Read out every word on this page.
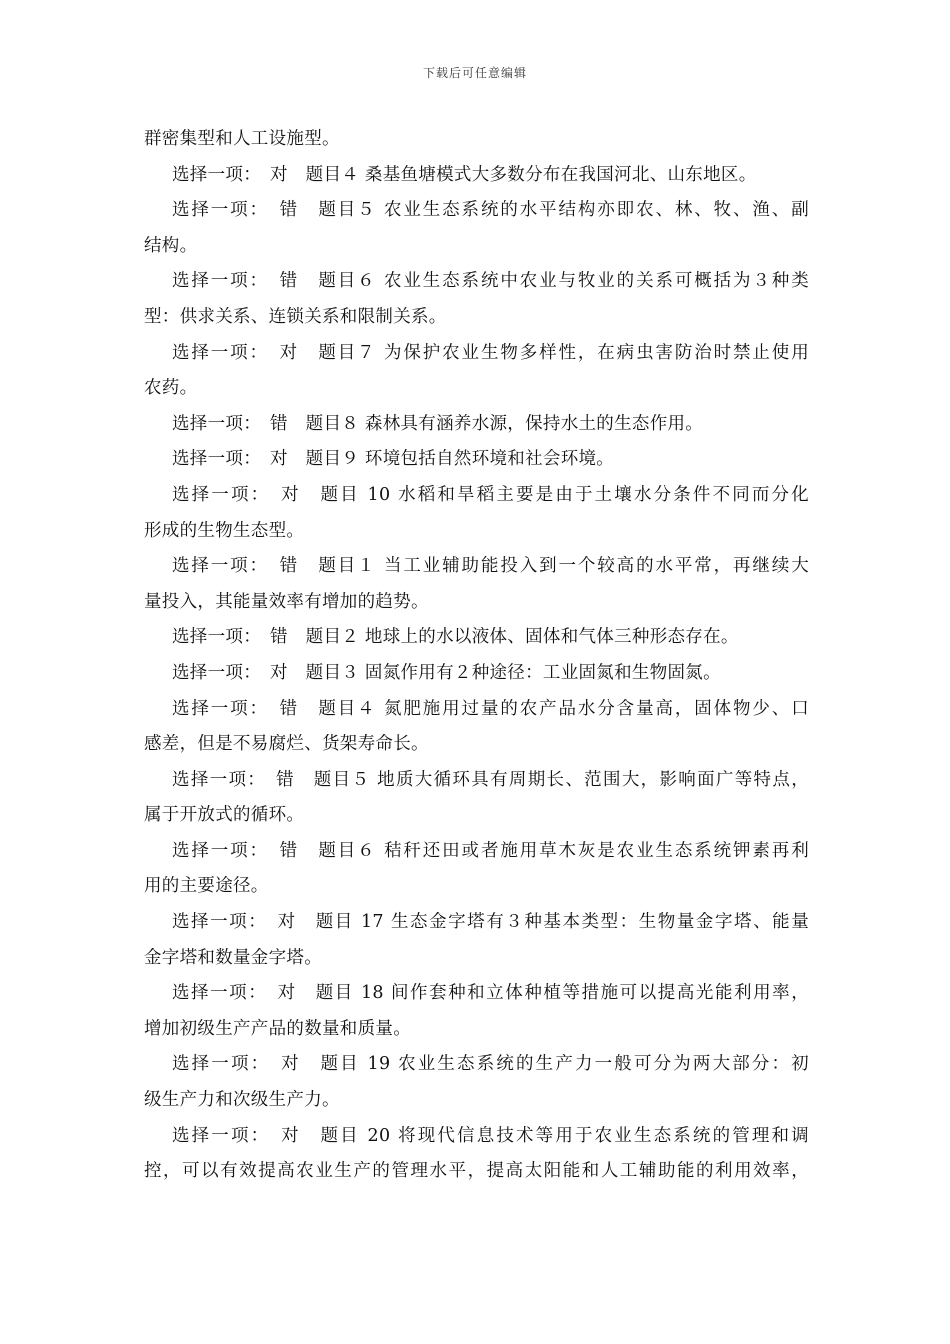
下载后可任意编辑
群密集型和人工设施型。
选择一项：　对　题目４ 桑基鱼塘模式大多数分布在我国河北、山东地区。
选择一项：　错　题目５ 农业生态系统的水平结构亦即农、林、牧、渔、副
结构。
选择一项：　错　题目６ 农业生态系统中农业与牧业的关系可概括为３种类
型：供求关系、连锁关系和限制关系。
选择一项：　对　题目７ 为保护农业生物多样性，在病虫害防治时禁止使用
农药。
选择一项：　错　题目８ 森林具有涵养水源，保持水土的生态作用。
选择一项：　对　题目９ 环境包括自然环境和社会环境。
选择一项：　对　题目 10 水稻和旱稻主要是由于土壤水分条件不同而分化
形成的生物生态型。
选择一项：　错　题目１ 当工业辅助能投入到一个较高的水平常，再继续大
量投入，其能量效率有增加的趋势。
选择一项：　错　题目２ 地球上的水以液体、固体和气体三种形态存在。
选择一项：　对　题目３ 固氮作用有２种途径：工业固氮和生物固氮。
选择一项：　错　题目４ 氮肥施用过量的农产品水分含量高，固体物少、口
感差，但是不易腐烂、货架寿命长。
选择一项：　错　题目５ 地质大循环具有周期长、范围大，影响面广等特点，
属于开放式的循环。
选择一项：　错　题目６ 秸秆还田或者施用草木灰是农业生态系统钾素再利
用的主要途径。
选择一项：　对　题目 17 生态金字塔有３种基本类型：生物量金字塔、能量
金字塔和数量金字塔。
选择一项：　对　题目 18 间作套种和立体种植等措施可以提高光能利用率，
增加初级生产产品的数量和质量。
选择一项：　对　题目 19 农业生态系统的生产力一般可分为两大部分：初
级生产力和次级生产力。
选择一项：　对　题目 20 将现代信息技术等用于农业生态系统的管理和调
控，可以有效提高农业生产的管理水平，提高太阳能和人工辅助能的利用效率，
